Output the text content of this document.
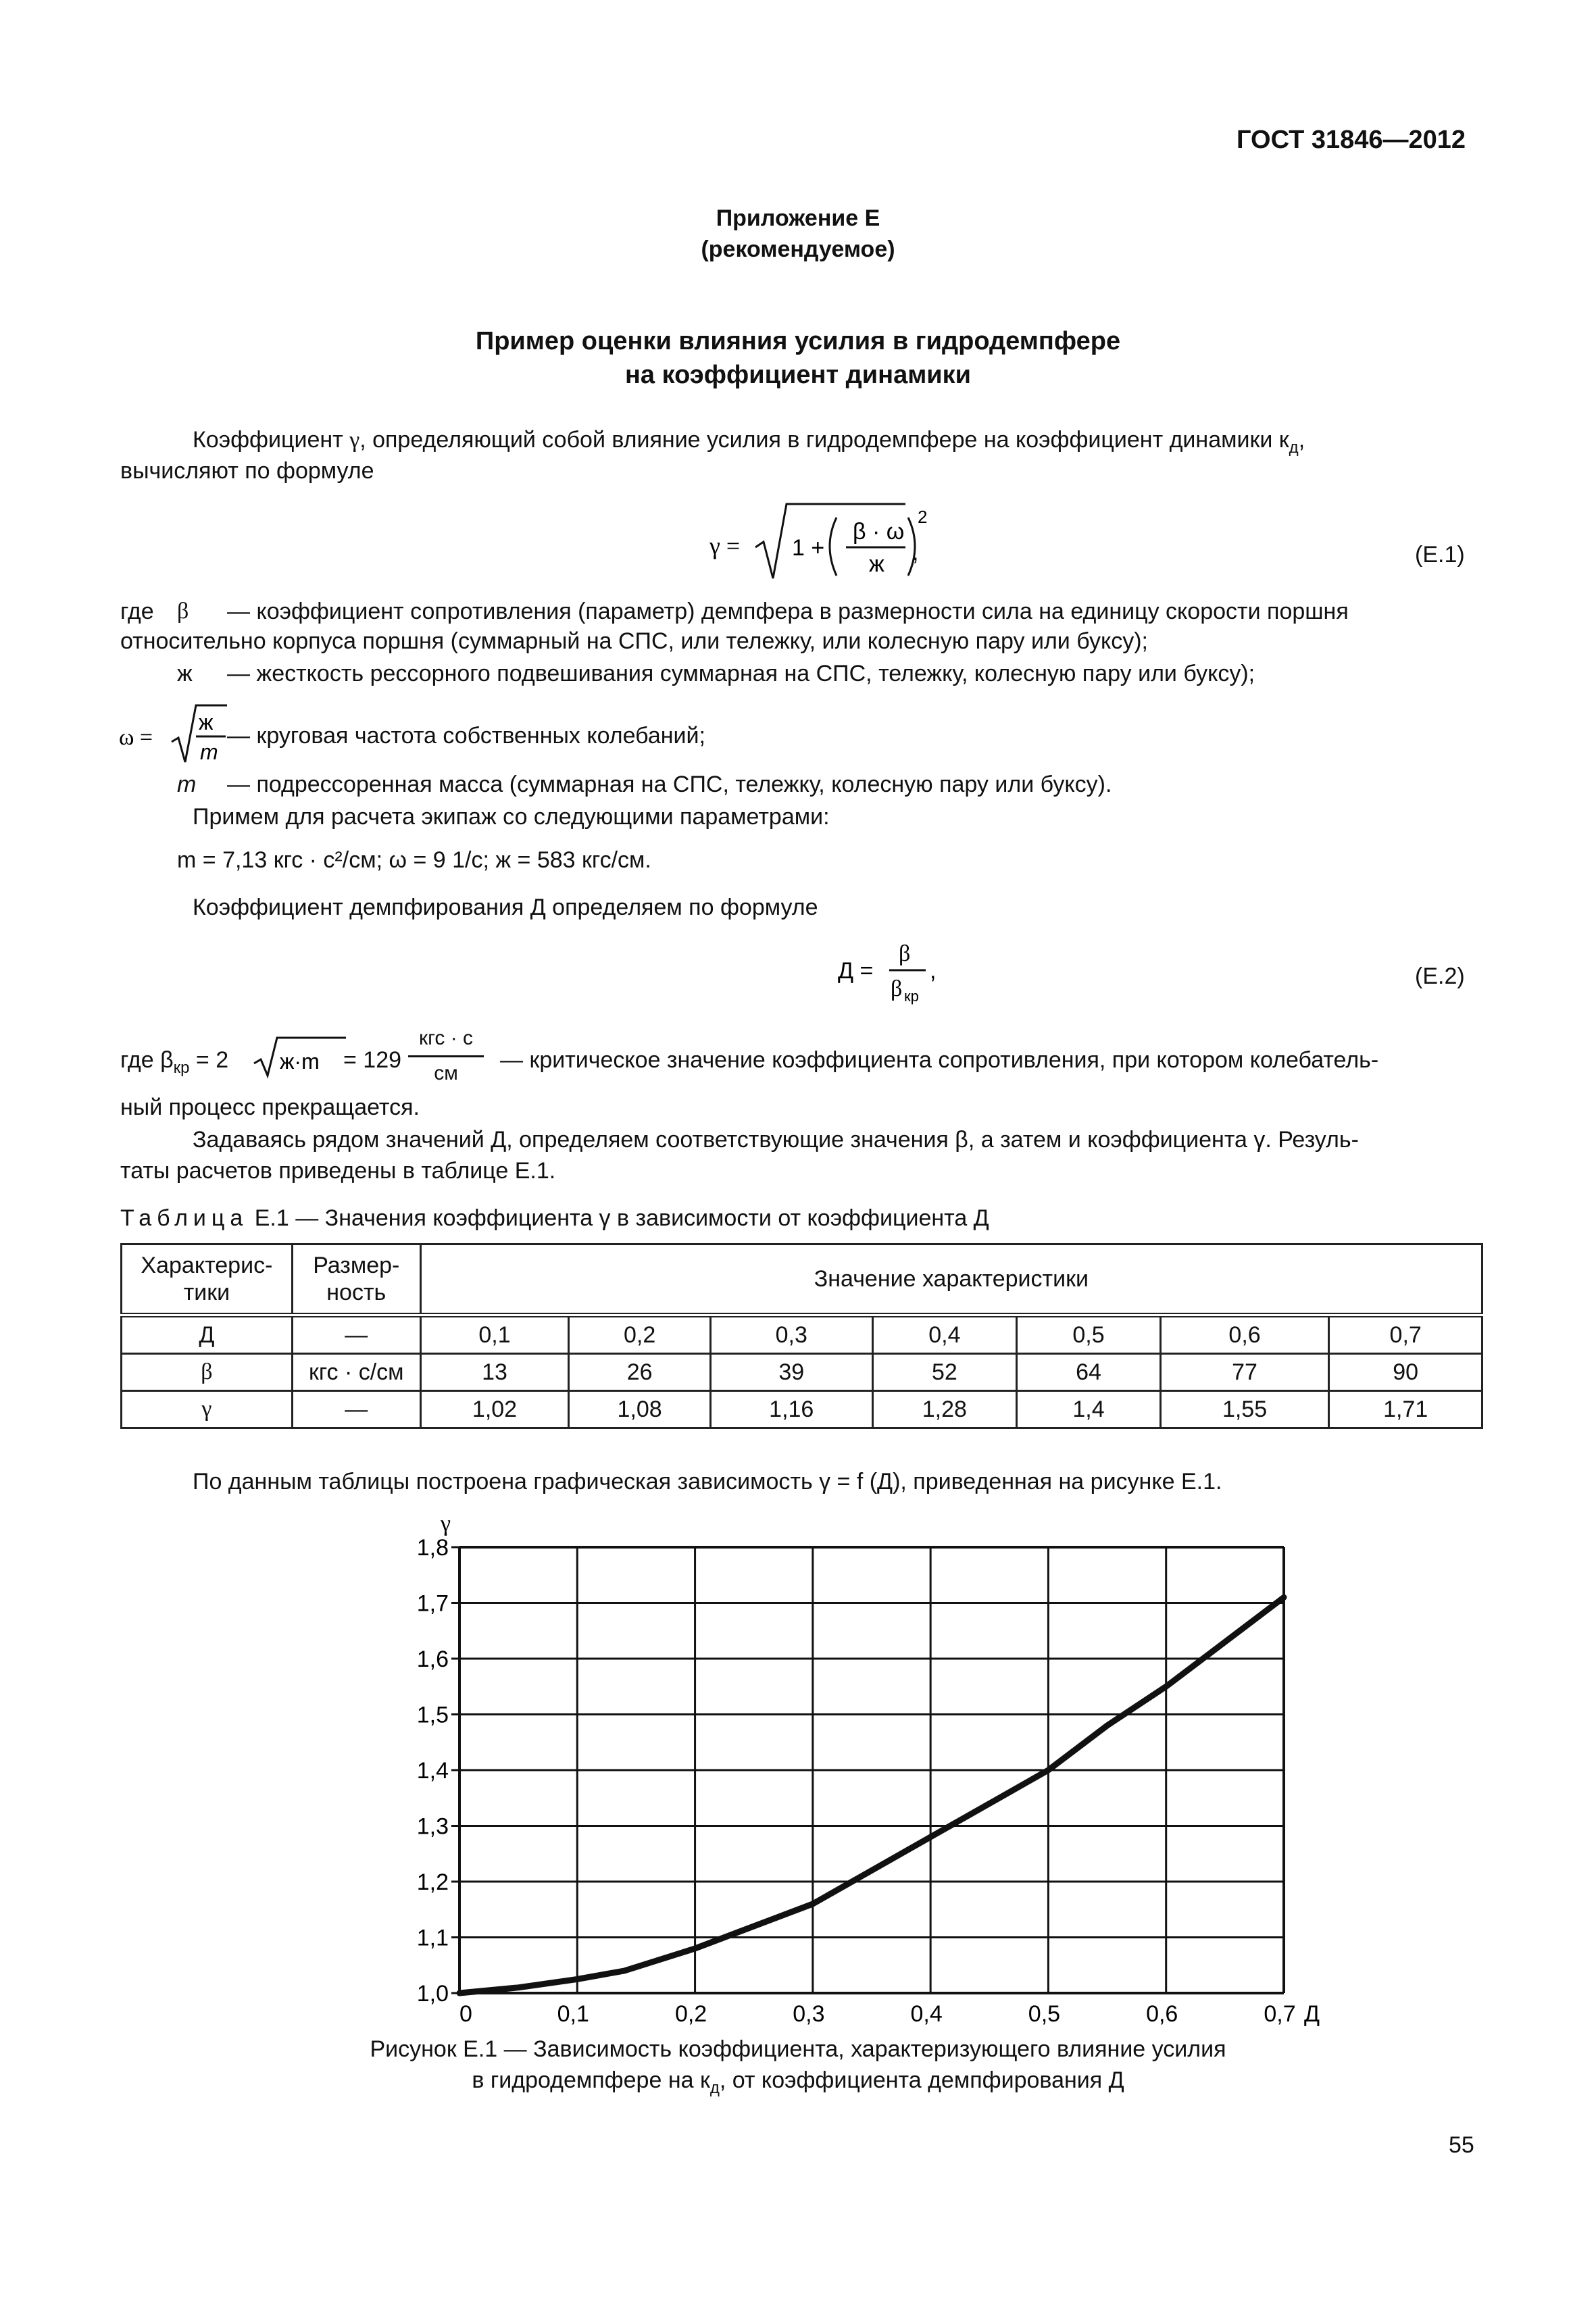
ГОСТ 31846—2012
Приложение Е
(рекомендуемое)
Пример оценки влияния усилия в гидродемпфере
на коэффициент динамики
Коэффициент γ, определяющий собой влияние усилия в гидродемпфере на коэффициент динамики $к_д$,
вычисляют по формуле
γ = 1 +
β · ω
ж
2
,	(Е.1)
где β — коэффициент сопротивления (параметр) демпфера в размерности сила на единицу скорости поршня
относительно корпуса поршня (суммарный на СПС, или тележку, или колесную пару или буксу);
ж — жесткость рессорного подвешивания суммарная на СПС, тележку, колесную пару или буксу);
ω =
ж
m
— круговая частота собственных колебаний;
m — подрессоренная масса (суммарная на СПС, тележку, колесную пару или буксу).
Примем для расчета экипаж со следующими параметрами:
m = 7,13 кгс · с²/см; ω = 9 1/с; ж = 583 кгс/см.
Коэффициент демпфирования Д определяем по формуле
Д =
β
β кр
,	(Е.2)
где $\beta_{кр} = 2$ ж·m = 129
кгс · с
см
— критическое значение коэффициента сопротивления, при котором колебатель-
ный процесс прекращается.
Задаваясь рядом значений Д, определяем соответствующие значения β, а затем и коэффициента γ. Резуль-
таты расчетов приведены в таблице Е.1.
Таблица Е.1 — Значения коэффициента γ в зависимости от коэффициента Д
Характерис-
тики	Размер-
ность	Значение характеристики						
Д	—	0,1	0,2	0,3	0,4	0,5	0,6	0,7
β	кгс · с/см	13	26	39	52	64	77	90
γ	—	1,02	1,08	1,16	1,28	1,4	1,55	1,71
По данным таблицы построена графическая зависимость γ = f (Д), приведенная на рисунке Е.1.
1,0
1,1
1,2
1,3
1,4
1,5
1,6
1,7
1,8
0	0,1	0,2	0,3	0,4	0,5	0,6	0,7
γ
Д
Рисунок Е.1 — Зависимость коэффициента, характеризующего влияние усилия
в гидродемпфере на $к_д$, от коэффициента демпфирования Д
55
